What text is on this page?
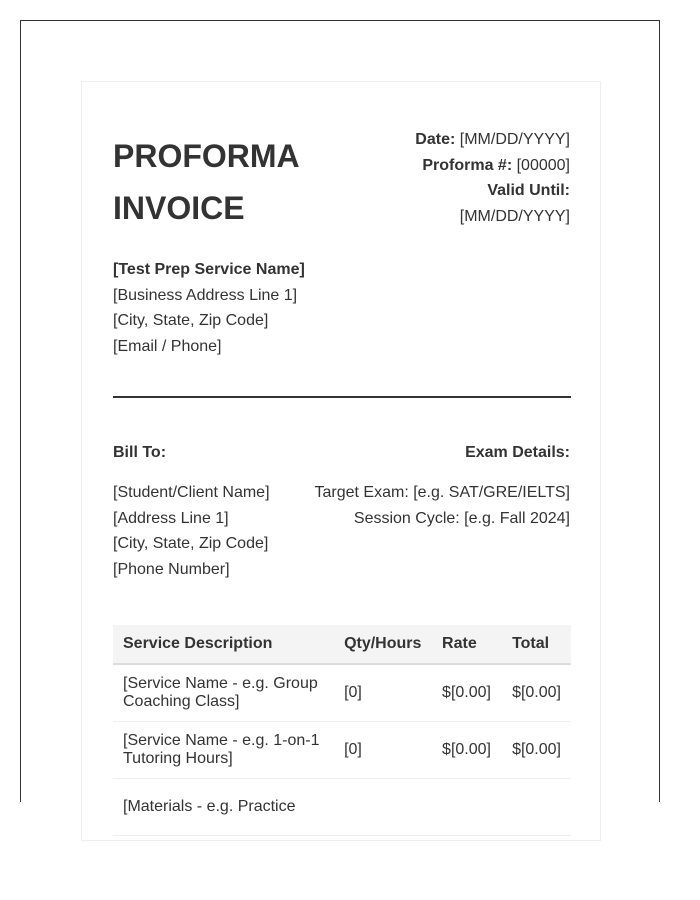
PROFORMA
INVOICE
Date: [MM/DD/YYYY]
Proforma #: [00000]
Valid Until:
[MM/DD/YYYY]
[Test Prep Service Name]
[Business Address Line 1]
[City, State, Zip Code]
[Email / Phone]
Bill To:	Exam Details:
[Student/Client Name]
[Address Line 1]
[City, State, Zip Code]
[Phone Number]
Target Exam: [e.g. SAT/GRE/IELTS]
Session Cycle: [e.g. Fall 2024]
Service Description	Qty/Hours	Rate	Total
[Service Name - e.g. Group Coaching Class]	[0]	$[0.00]	$[0.00]
[Service Name - e.g. 1-on-1 Tutoring Hours]	[0]	$[0.00]	$[0.00]
[Materials - e.g. Practice			
